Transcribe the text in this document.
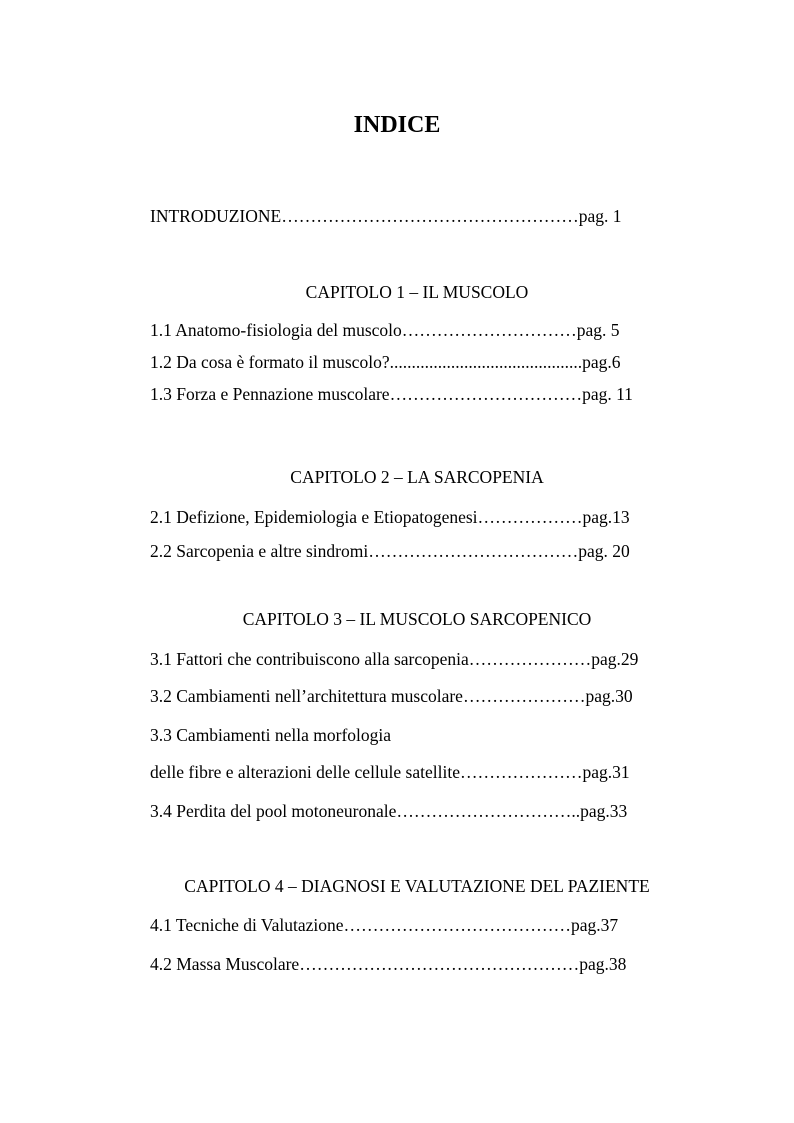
INDICE
INTRODUZIONE……………………………………………pag. 1
CAPITOLO 1 – IL MUSCOLO
1.1 Anatomo-fisiologia del muscolo…………………………pag. 5
1.2 Da cosa è formato il muscolo?............................................pag.6
1.3 Forza e Pennazione muscolare……………………………pag. 11
CAPITOLO 2 – LA SARCOPENIA
2.1 Defizione, Epidemiologia e Etiopatogenesi………………pag.13
2.2 Sarcopenia e altre sindromi………………………………pag. 20
CAPITOLO 3 – IL MUSCOLO SARCOPENICO
3.1 Fattori che contribuiscono alla sarcopenia…………………pag.29
3.2 Cambiamenti nell’architettura muscolare…………………pag.30
3.3 Cambiamenti nella morfologia
delle fibre e alterazioni delle cellule satellite…………………pag.31
3.4 Perdita del pool motoneuronale…………………………..pag.33
CAPITOLO 4 – DIAGNOSI E VALUTAZIONE DEL PAZIENTE
4.1 Tecniche di Valutazione…………………………………pag.37
4.2 Massa Muscolare…………………………………………pag.38
